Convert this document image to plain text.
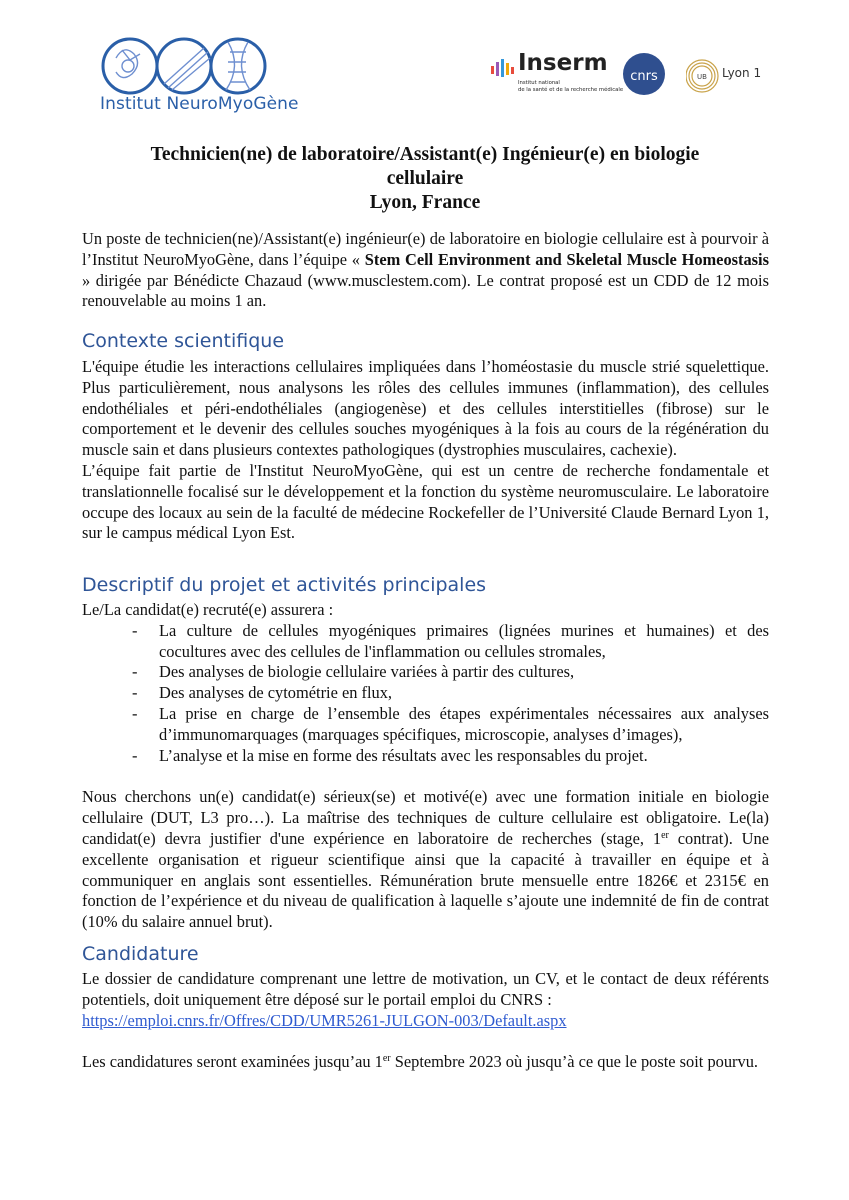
Institut NeuroMyoGène
Inserm
Institut national
de la santé et de la recherche médicale
cnrs	UB Lyon 1
Technicien(ne) de laboratoire/Assistant(e) Ingénieur(e) en biologie
cellulaire
Lyon, France

Un poste de technicien(ne)/Assistant(e) ingénieur(e) de laboratoire en biologie cellulaire est à pourvoir à l’Institut NeuroMyoGène, dans l’équipe « Stem Cell Environment and Skeletal Muscle Homeostasis » dirigée par Bénédicte Chazaud (www.musclestem.com). Le contrat proposé est un CDD de 12 mois renouvelable au moins 1 an.

Contexte scientifique

L'équipe étudie les interactions cellulaires impliquées dans l’homéostasie du muscle strié squelettique. Plus particulièrement, nous analysons les rôles des cellules immunes (inflammation), des cellules endothéliales et péri-endothéliales (angiogenèse) et des cellules interstitielles (fibrose) sur le comportement et le devenir des cellules souches myogéniques à la fois au cours de la régénération du muscle sain et dans plusieurs contextes pathologiques (dystrophies musculaires, cachexie).

L’équipe fait partie de l'Institut NeuroMyoGène, qui est un centre de recherche fondamentale et translationnelle focalisé sur le développement et la fonction du système neuromusculaire. Le laboratoire occupe des locaux au sein de la faculté de médecine Rockefeller de l’Université Claude Bernard Lyon 1, sur le campus médical Lyon Est.

Descriptif du projet et activités principales

Le/La candidat(e) recruté(e) assurera :

- La culture de cellules myogéniques primaires (lignées murines et humaines) et des cocultures avec des cellules de l'inflammation ou cellules stromales,
- Des analyses de biologie cellulaire variées à partir des cultures,
- Des analyses de cytométrie en flux,
- La prise en charge de l’ensemble des étapes expérimentales nécessaires aux analyses d’immunomarquages (marquages spécifiques, microscopie, analyses d’images),
- L’analyse et la mise en forme des résultats avec les responsables du projet.

Nous cherchons un(e) candidat(e) sérieux(se) et motivé(e) avec une formation initiale en biologie cellulaire (DUT, L3 pro…). La maîtrise des techniques de culture cellulaire est obligatoire. Le(la) candidat(e) devra justifier d'une expérience en laboratoire de recherches (stage, 1er contrat). Une excellente organisation et rigueur scientifique ainsi que la capacité à travailler en équipe et à communiquer en anglais sont essentielles. Rémunération brute mensuelle entre 1826€ et 2315€ en fonction de l’expérience et du niveau de qualification à laquelle s’ajoute une indemnité de fin de contrat (10% du salaire annuel brut).

Candidature

Le dossier de candidature comprenant une lettre de motivation, un CV, et le contact de deux référents potentiels, doit uniquement être déposé sur le portail emploi du CNRS :

https://emploi.cnrs.fr/Offres/CDD/UMR5261-JULGON-003/Default.aspx

Les candidatures seront examinées jusqu’au 1er Septembre 2023 où jusqu’à ce que le poste soit pourvu.
